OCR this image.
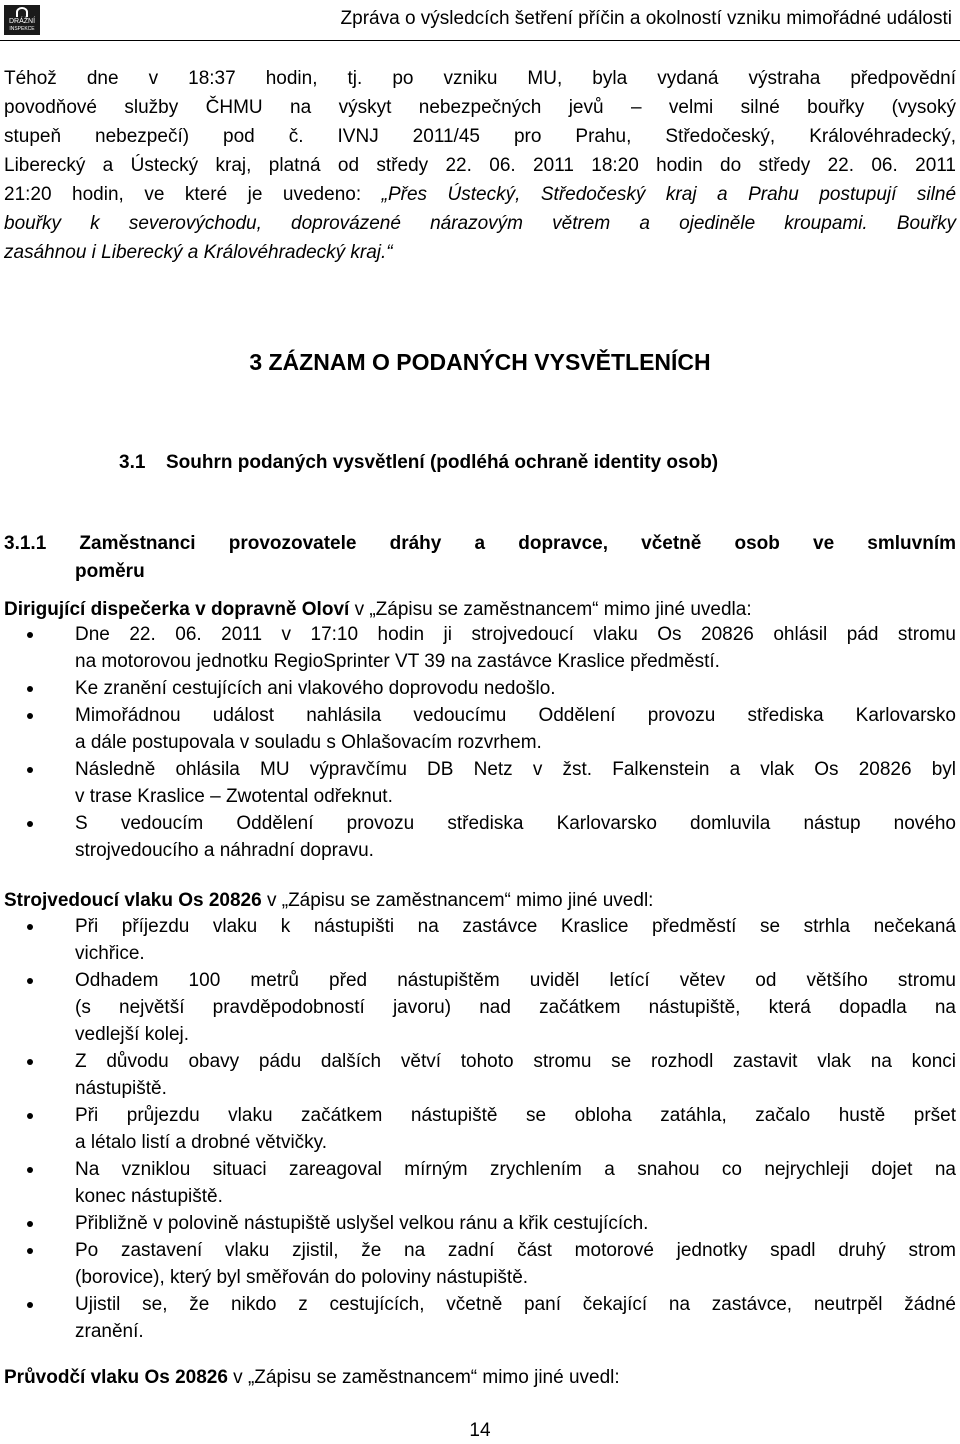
DRÁŽNÍ
INSPEKCE	Zpráva o výsledcích šetření příčin a okolností vzniku mimořádné události
Téhož dne v 18:37 hodin, tj. po vzniku MU, byla vydaná výstraha předpovědní
povodňové služby ČHMU na výskyt nebezpečných jevů – velmi silné bouřky (vysoký
stupeň nebezpečí) pod č. IVNJ 2011/45 pro Prahu, Středočeský, Královéhradecký,
Liberecký a Ústecký kraj, platná od středy 22. 06. 2011 18:20 hodin do středy 22. 06. 2011
21:20 hodin, ve které je uvedeno: „Přes Ústecký, Středočeský kraj a Prahu postupují silné
bouřky k severovýchodu, doprovázené nárazovým větrem a ojediněle kroupami. Bouřky
zasáhnou i Liberecký a Královéhradecký kraj.“
3 ZÁZNAM O PODANÝCH VYSVĚTLENÍCH
3.1 Souhrn podaných vysvětlení (podléhá ochraně identity osob)
3.1.1 Zaměstnanci provozovatele dráhy a dopravce, včetně osob ve smluvním
poměru
Dirigující dispečerka v dopravně Oloví v „Zápisu se zaměstnancem“ mimo jiné uvedla:
Dne 22. 06. 2011 v 17:10 hodin ji strojvedoucí vlaku Os 20826 ohlásil pád stromu
na motorovou jednotku RegioSprinter VT 39 na zastávce Kraslice předměstí.
Ke zranění cestujících ani vlakového doprovodu nedošlo.
Mimořádnou událost nahlásila vedoucímu Oddělení provozu střediska Karlovarsko
a dále postupovala v souladu s Ohlašovacím rozvrhem.
Následně ohlásila MU výpravčímu DB Netz v žst. Falkenstein a vlak Os 20826 byl
v trase Kraslice – Zwotental odřeknut.
S vedoucím Oddělení provozu střediska Karlovarsko domluvila nástup nového
strojvedoucího a náhradní dopravu.
Strojvedoucí vlaku Os 20826 v „Zápisu se zaměstnancem“ mimo jiné uvedl:
Při příjezdu vlaku k nástupišti na zastávce Kraslice předměstí se strhla nečekaná
vichřice.
Odhadem 100 metrů před nástupištěm uviděl letící větev od většího stromu
(s největší pravděpodobností javoru) nad začátkem nástupiště, která dopadla na
vedlejší kolej.
Z důvodu obavy pádu dalších větví tohoto stromu se rozhodl zastavit vlak na konci
nástupiště.
Při průjezdu vlaku začátkem nástupiště se obloha zatáhla, začalo hustě pršet
a létalo listí a drobné větvičky.
Na vzniklou situaci zareagoval mírným zrychlením a snahou co nejrychleji dojet na
konec nástupiště.
Přibližně v polovině nástupiště uslyšel velkou ránu a křik cestujících.
Po zastavení vlaku zjistil, že na zadní část motorové jednotky spadl druhý strom
(borovice), který byl směřován do poloviny nástupiště.
Ujistil se, že nikdo z cestujících, včetně paní čekající na zastávce, neutrpěl žádné
zranění.
Průvodčí vlaku Os 20826 v „Zápisu se zaměstnancem“ mimo jiné uvedl:
14
